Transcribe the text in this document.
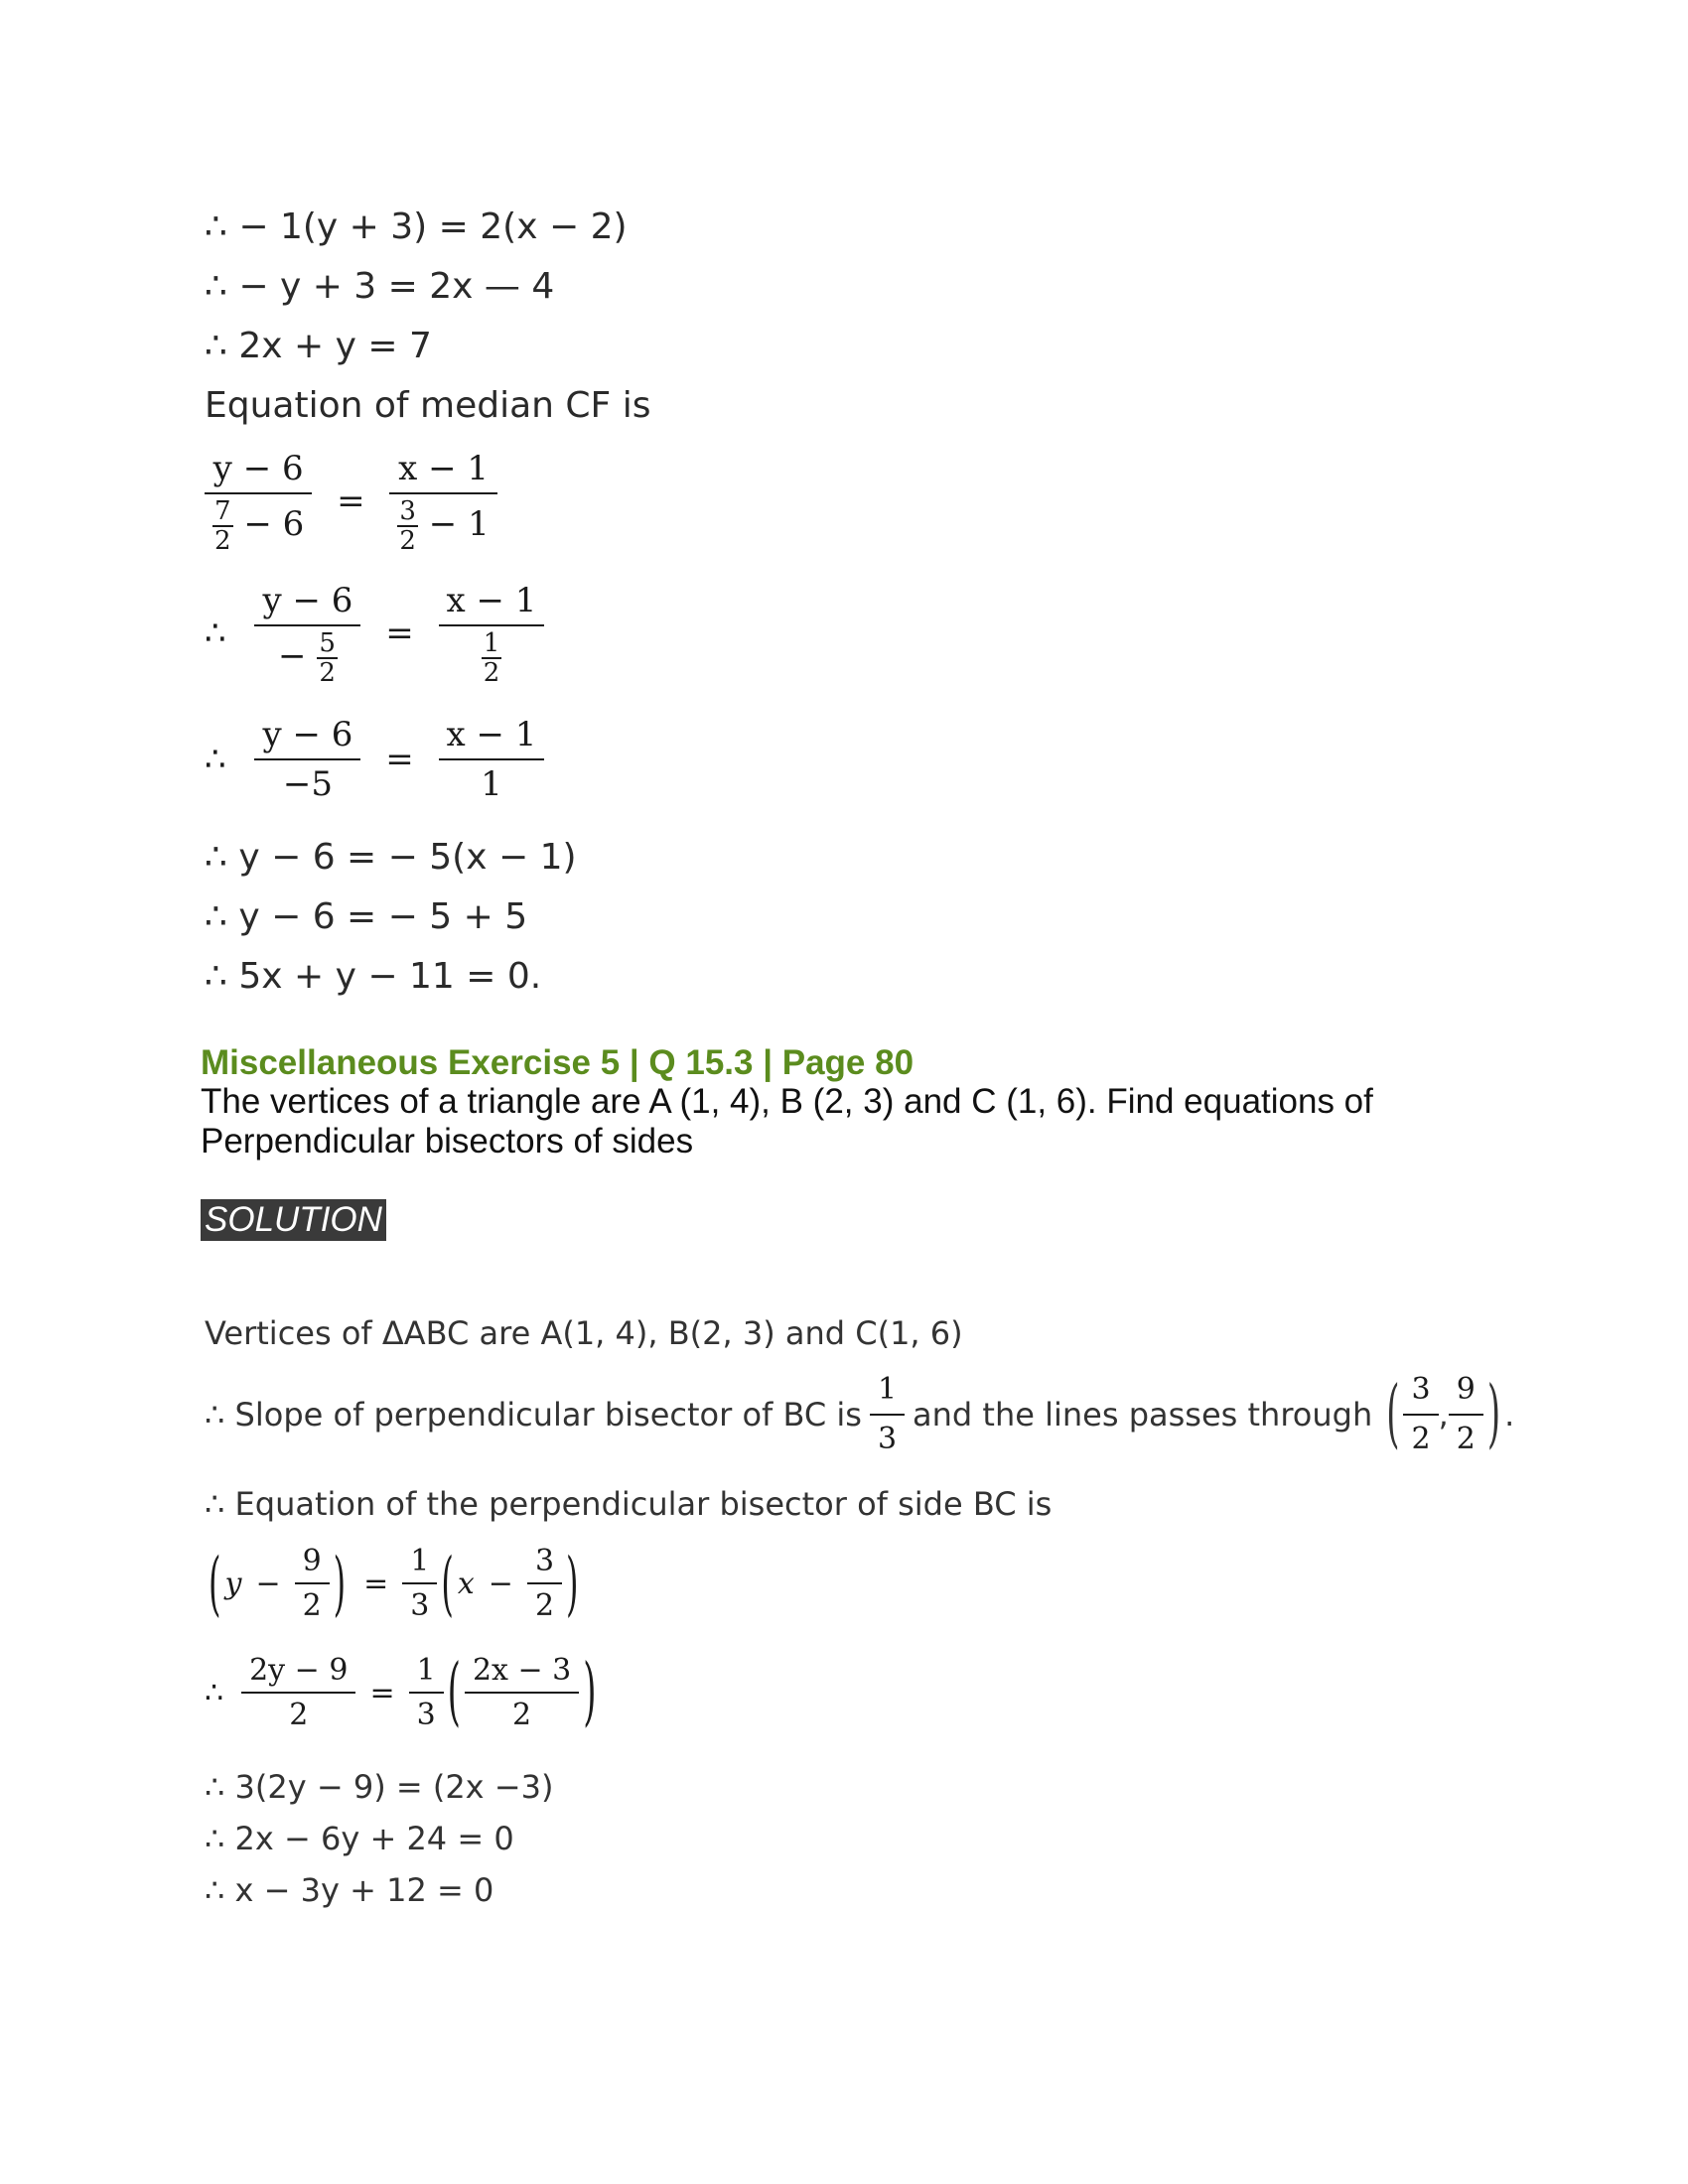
∴ − 1(y + 3) = 2(x − 2)
∴ − y + 3 = 2x — 4
∴ 2x + y = 7
Equation of median CF is
$\frac{y - 6}{\frac{7}{2} - 6} = \frac{x - 1}{\frac{3}{2} - 1}$
∴ $\frac{y - 6}{- \frac{5}{2}} = \frac{x - 1}{\frac{1}{2}}$
∴ $\frac{y - 6}{-5} = \frac{x - 1}{1}$
∴ y − 6 = − 5(x − 1)
∴ y − 6 = − 5 + 5
∴ 5x + y − 11 = 0.
Miscellaneous Exercise 5 | Q 15.3 | Page 80
The vertices of a triangle are A (1, 4), B (2, 3) and C (1, 6). Find equations of Perpendicular bisectors of sides
SOLUTION
Vertices of ΔABC are A(1, 4), B(2, 3) and C(1, 6)
∴ Slope of perpendicular bisector of BC is $\frac{1}{3}$ and the lines passes through ( $\frac{3}{2}$ , $\frac{9}{2}$ ) .
∴ Equation of the perpendicular bisector of side BC is
( $y - \frac{9}{2}$ ) = $\frac{1}{3}$ ( $x - \frac{3}{2}$ )
∴ $\frac{2y - 9}{2} = \frac{1}{3}$ ( $\frac{2x - 3}{2}$ )
∴ 3(2y − 9) = (2x −3)
∴ 2x − 6y + 24 = 0
∴ x − 3y + 12 = 0
